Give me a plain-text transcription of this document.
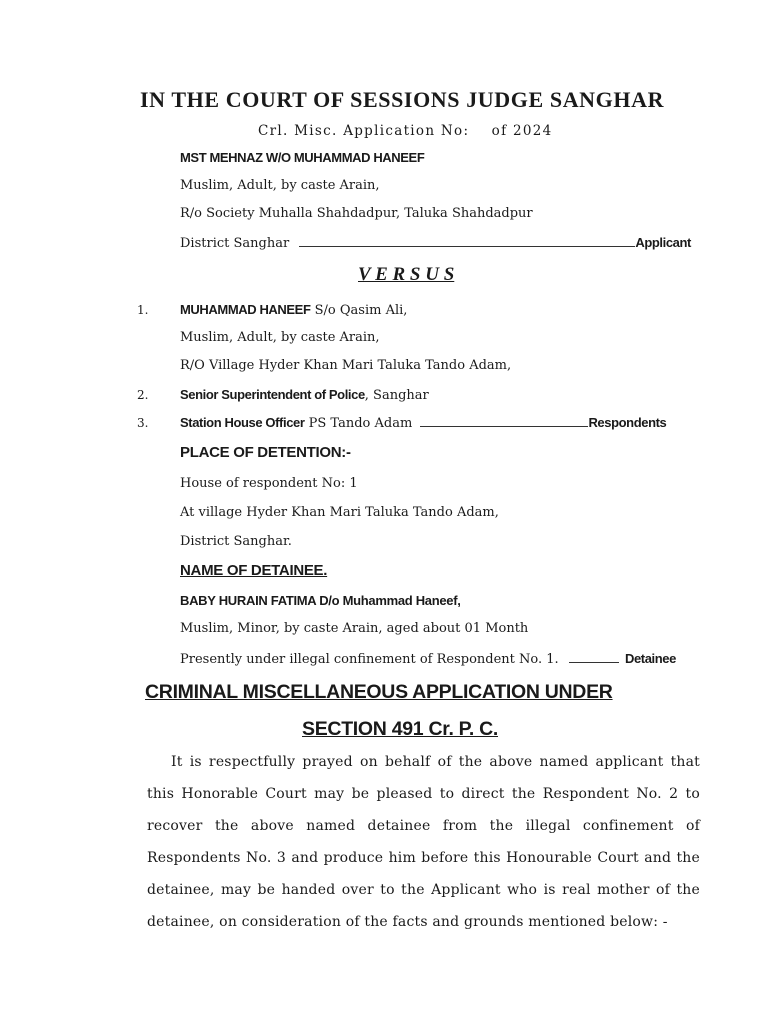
IN THE COURT OF SESSIONS JUDGE SANGHAR
Crl. Misc. Application No:    of 2024
MST MEHNAZ W/O MUHAMMAD HANEEF
Muslim, Adult, by caste Arain,
R/o Society Muhalla Shahdadpur, Taluka Shahdadpur
District Sanghar	Applicant
V E R S U S
1. MUHAMMAD HANEEF S/o Qasim Ali,
Muslim, Adult, by caste Arain,
R/O Village Hyder Khan Mari Taluka Tando Adam,
2. Senior Superintendent of Police, Sanghar
3. Station House Officer PS Tando Adam	Respondents
PLACE OF DETENTION:-
House of respondent No: 1
At village Hyder Khan Mari Taluka Tando Adam,
District Sanghar.
NAME OF DETAINEE.
BABY HURAIN FATIMA D/o Muhammad Haneef,
Muslim, Minor, by caste Arain, aged about 01 Month
Presently under illegal confinement of Respondent No. 1.	Detainee
CRIMINAL MISCELLANEOUS APPLICATION UNDER
SECTION 491 Cr. P. C.
It is respectfully prayed on behalf of the above named applicant that this Honorable Court may be pleased to direct the Respondent No. 2 to recover the above named detainee from the illegal confinement of Respondents No. 3 and produce him before this Honourable Court and the detainee, may be handed over to the Applicant who is real mother of the detainee, on consideration of the facts and grounds mentioned below: -
